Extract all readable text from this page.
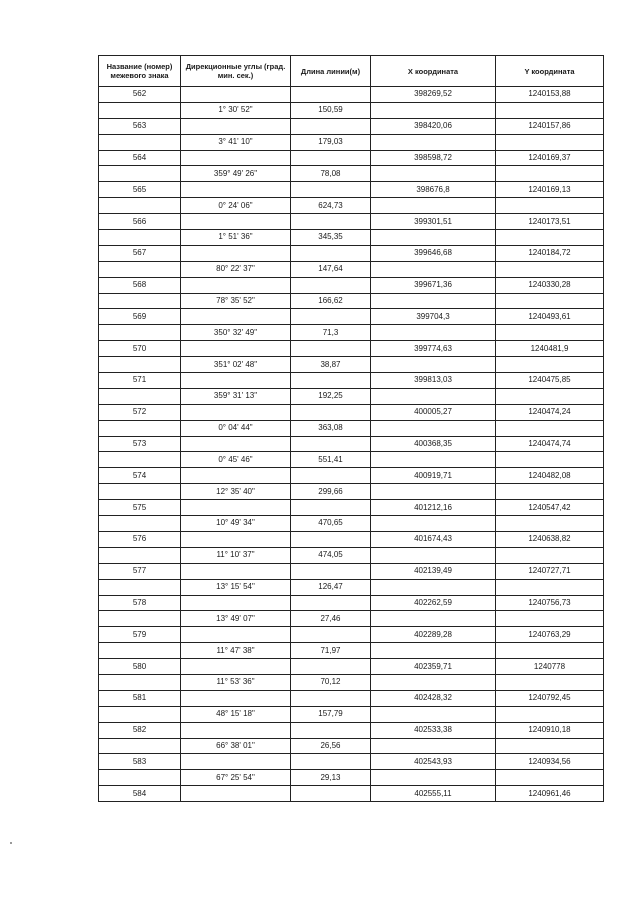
Название (номер) межевого знака	Дирекционные углы (град. мин. сек.)	Длина линии(м)	X координата	Y координата
562			398269,52	1240153,88
	1° 30' 52"	150,59		
563			398420,06	1240157,86
	3° 41' 10"	179,03		
564			398598,72	1240169,37
	359° 49' 26"	78,08		
565			398676,8	1240169,13
	0° 24' 06"	624,73		
566			399301,51	1240173,51
	1° 51' 36"	345,35		
567			399646,68	1240184,72
	80° 22' 37"	147,64		
568			399671,36	1240330,28
	78° 35' 52"	166,62		
569			399704,3	1240493,61
	350° 32' 49"	71,3		
570			399774,63	1240481,9
	351° 02' 48"	38,87		
571			399813,03	1240475,85
	359° 31' 13"	192,25		
572			400005,27	1240474,24
	0° 04' 44"	363,08		
573			400368,35	1240474,74
	0° 45' 46"	551,41		
574			400919,71	1240482,08
	12° 35' 40"	299,66		
575			401212,16	1240547,42
	10° 49' 34"	470,65		
576			401674,43	1240638,82
	11° 10' 37"	474,05		
577			402139,49	1240727,71
	13° 15' 54"	126,47		
578			402262,59	1240756,73
	13° 49' 07"	27,46		
579			402289,28	1240763,29
	11° 47' 38"	71,97		
580			402359,71	1240778
	11° 53' 36"	70,12		
581			402428,32	1240792,45
	48° 15' 18"	157,79		
582			402533,38	1240910,18
	66° 38' 01"	26,56		
583			402543,93	1240934,56
	67° 25' 54"	29,13		
584			402555,11	1240961,46
